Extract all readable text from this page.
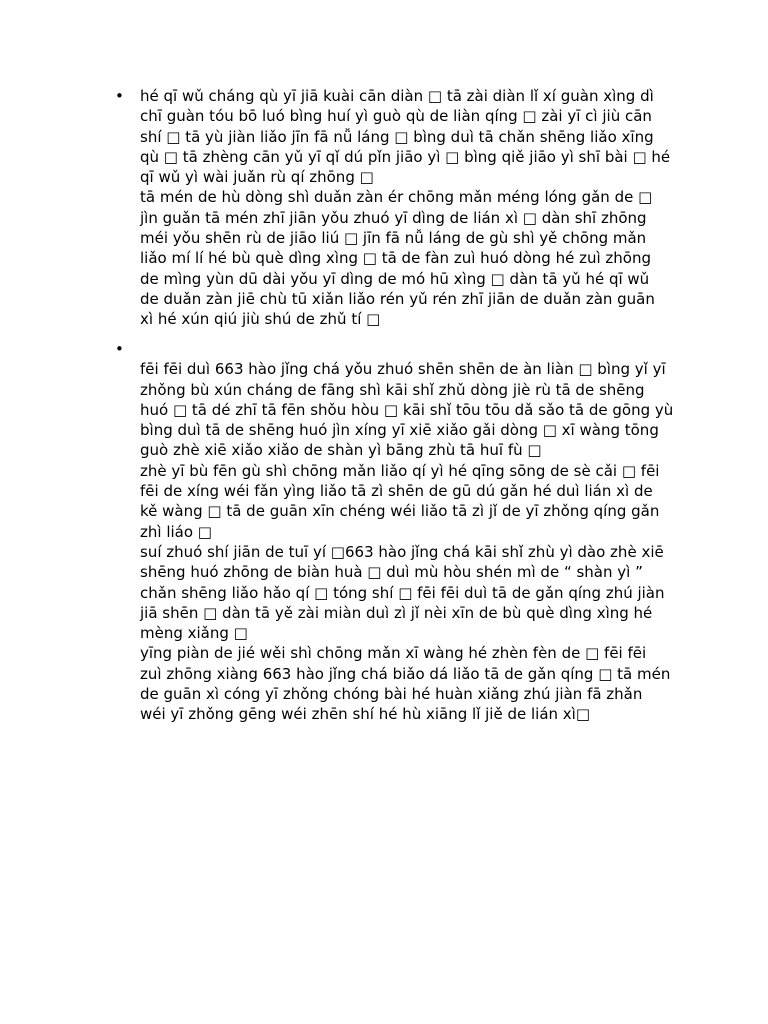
• hé qī wǔ cháng qù yī jiā kuài cān diàn □ tā zài diàn lǐ xí guàn xìng dì
chī guàn tóu bō luó bìng huí yì guò qù de liàn qíng □ zài yī cì jiù cān
shí □ tā yù jiàn liǎo jīn fā nǚ láng □ bìng duì tā chǎn shēng liǎo xīng
qù □ tā zhèng cān yǔ yī qǐ dú pǐn jiāo yì □ bìng qiě jiāo yì shī bài □ hé
qī wǔ yì wài juǎn rù qí zhōng □
tā mén de hù dòng shì duǎn zàn ér chōng mǎn méng lóng gǎn de □
jìn guǎn tā mén zhī jiān yǒu zhuó yī dìng de lián xì □ dàn shī zhōng
méi yǒu shēn rù de jiāo liú □ jīn fā nǚ láng de gù shì yě chōng mǎn
liǎo mí lí hé bù què dìng xìng □ tā de fàn zuì huó dòng hé zuì zhōng
de mìng yùn dū dài yǒu yī dìng de mó hū xìng □ dàn tā yǔ hé qī wǔ
de duǎn zàn jiē chù tū xiǎn liǎo rén yǔ rén zhī jiān de duǎn zàn guān
xì hé xún qiú jiù shú de zhǔ tí □
•
fēi fēi duì 663 hào jǐng chá yǒu zhuó shēn shēn de àn liàn □ bìng yǐ yī
zhǒng bù xún cháng de fāng shì kāi shǐ zhǔ dòng jiè rù tā de shēng
huó □ tā dé zhī tā fēn shǒu hòu □ kāi shǐ tōu tōu dǎ sǎo tā de gōng yù
bìng duì tā de shēng huó jìn xíng yī xiē xiǎo gǎi dòng □ xī wàng tōng
guò zhè xiē xiǎo xiǎo de shàn yì bāng zhù tā huī fù □
zhè yī bù fēn gù shì chōng mǎn liǎo qí yì hé qīng sōng de sè cǎi □ fēi
fēi de xíng wéi fǎn yìng liǎo tā zì shēn de gū dú gǎn hé duì lián xì de
kě wàng □ tā de guān xīn chéng wéi liǎo tā zì jǐ de yī zhǒng qíng gǎn
zhì liáo □
suí zhuó shí jiān de tuī yí □663 hào jǐng chá kāi shǐ zhù yì dào zhè xiē
shēng huó zhōng de biàn huà □ duì mù hòu shén mì de “ shàn yì ”
chǎn shēng liǎo hǎo qí □ tóng shí □ fēi fēi duì tā de gǎn qíng zhú jiàn
jiā shēn □ dàn tā yě zài miàn duì zì jǐ nèi xīn de bù què dìng xìng hé
mèng xiǎng □
yīng piàn de jié wěi shì chōng mǎn xī wàng hé zhèn fèn de □ fēi fēi
zuì zhōng xiàng 663 hào jǐng chá biǎo dá liǎo tā de gǎn qíng □ tā mén
de guān xì cóng yī zhǒng chóng bài hé huàn xiǎng zhú jiàn fā zhǎn
wéi yī zhǒng gēng wéi zhēn shí hé hù xiāng lǐ jiě de lián xì□
